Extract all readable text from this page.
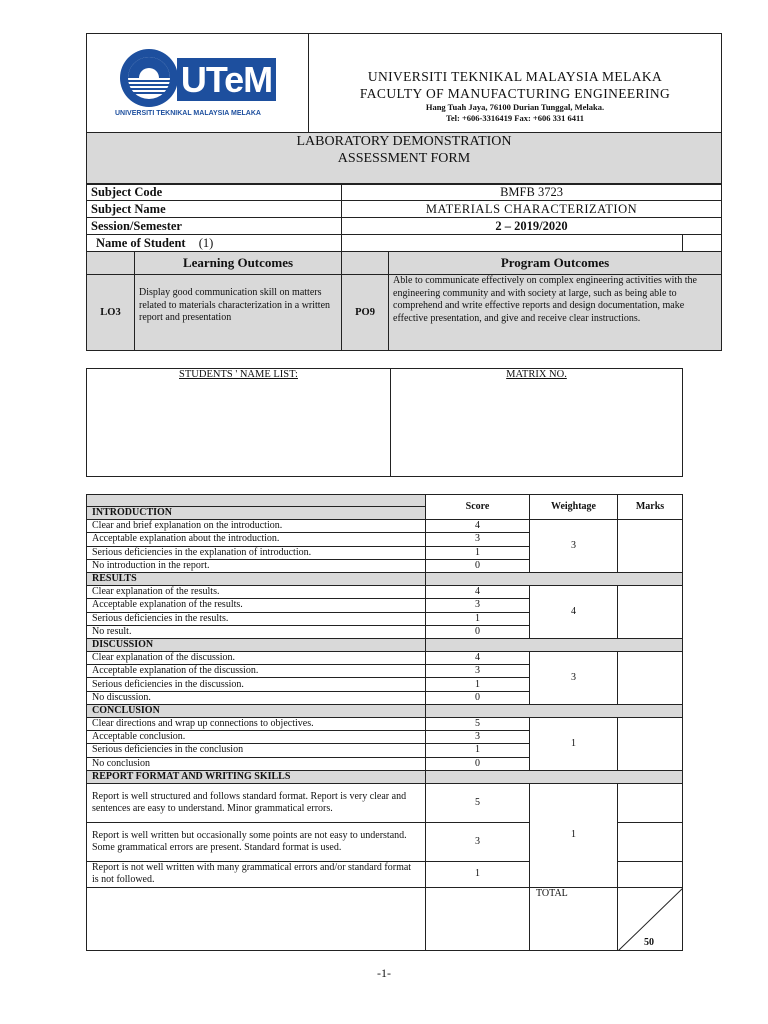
UTeM
UNIVERSITI TEKNIKAL MALAYSIA MELAKA

UNIVERSITI TEKNIKAL MALAYSIA MELAKA
FACULTY OF MANUFACTURING ENGINEERING
Hang Tuah Jaya, 76100 Durian Tunggal, Melaka.
Tel: +606-3316419 Fax: +606 331 6411

LABORATORY DEMONSTRATION
ASSESSMENT FORM
Subject Code		BMFB 3723		
Subject Name		MATERIALS CHARACTERIZATION		
Session/Semester		2 – 2019/2020		
Name of Student (1)				
	Learning Outcomes		Program Outcomes	
LO3	Display good communication skill on matters related to materials characterization in a written report and presentation	PO9	Able to communicate effectively on complex engineering activities with the engineering community and with society at large, such as being able to comprehend and write effective reports and design documentation, make effective presentation, and give and receive clear instructions.	
STUDENTS ' NAME LIST:	MATRIX NO.
	Score	Weightage	Marks
INTRODUCTION			
Clear and brief explanation on the introduction.	4	3	
Acceptable explanation about the introduction.	3		
Serious deficiencies in the explanation of introduction.	1		
No introduction in the report.	0		
RESULTS			
Clear explanation of the results.	4	4	
Acceptable explanation of the results.	3		
Serious deficiencies in the results.	1		
No result.	0		
DISCUSSION			
Clear explanation of the discussion.	4	3	
Acceptable explanation of the discussion.	3		
Serious deficiencies in the discussion.	1		
No discussion.	0		
CONCLUSION			
Clear directions and wrap up connections to objectives.	5	1	
Acceptable conclusion.	3		
Serious deficiencies in the conclusion	1		
No conclusion	0		
REPORT FORMAT AND WRITING SKILLS			
Report is well structured and follows standard format. Report is very clear and sentences are easy to understand. Minor grammatical errors.	5	1	
Report is well written but occasionally some points are not easy to understand. Some grammatical errors are present. Standard format is used.	3		
Report is not well written with many grammatical errors and/or standard format is not followed.	1		
		TOTAL	50
-1-
